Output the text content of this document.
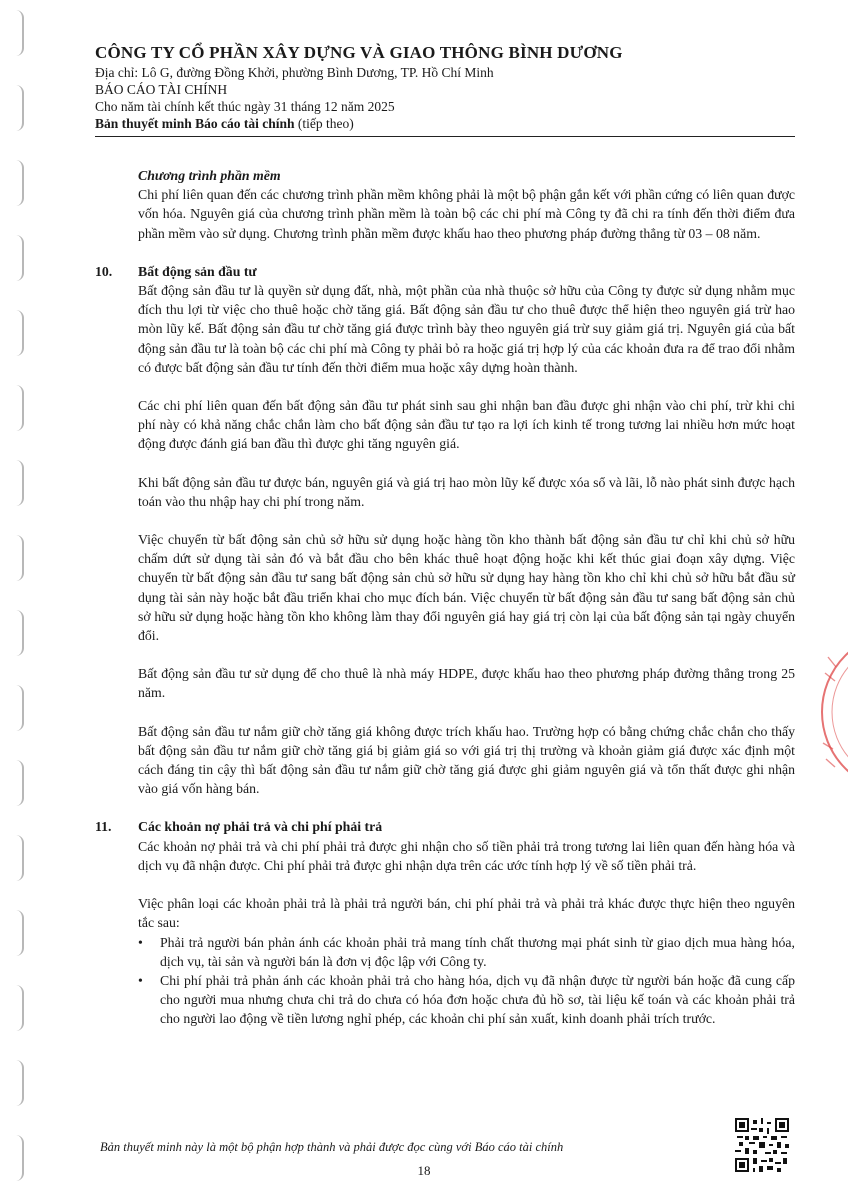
CÔNG TY CỔ PHẦN XÂY DỰNG VÀ GIAO THÔNG BÌNH DƯƠNG

Địa chỉ: Lô G, đường Đồng Khởi, phường Bình Dương, TP. Hồ Chí Minh

BÁO CÁO TÀI CHÍNH

Cho năm tài chính kết thúc ngày 31 tháng 12 năm 2025

Bản thuyết minh Báo cáo tài chính (tiếp theo)

Chương trình phần mềm

Chi phí liên quan đến các chương trình phần mềm không phải là một bộ phận gắn kết với phần cứng có liên quan được vốn hóa. Nguyên giá của chương trình phần mềm là toàn bộ các chi phí mà Công ty đã chi ra tính đến thời điểm đưa phần mềm vào sử dụng. Chương trình phần mềm được khấu hao theo phương pháp đường thẳng từ 03 – 08 năm.

10.	Bất động sản đầu tư

Bất động sản đầu tư là quyền sử dụng đất, nhà, một phần của nhà thuộc sở hữu của Công ty được sử dụng nhằm mục đích thu lợi từ việc cho thuê hoặc chờ tăng giá. Bất động sản đầu tư cho thuê được thể hiện theo nguyên giá trừ hao mòn lũy kế. Bất động sản đầu tư chờ tăng giá được trình bày theo nguyên giá trừ suy giảm giá trị. Nguyên giá của bất động sản đầu tư là toàn bộ các chi phí mà Công ty phải bỏ ra hoặc giá trị hợp lý của các khoản đưa ra để trao đổi nhằm có được bất động sản đầu tư tính đến thời điểm mua hoặc xây dựng hoàn thành.

Các chi phí liên quan đến bất động sản đầu tư phát sinh sau ghi nhận ban đầu được ghi nhận vào chi phí, trừ khi chi phí này có khả năng chắc chắn làm cho bất động sản đầu tư tạo ra lợi ích kinh tế trong tương lai nhiều hơn mức hoạt động được đánh giá ban đầu thì được ghi tăng nguyên giá.

Khi bất động sản đầu tư được bán, nguyên giá và giá trị hao mòn lũy kế được xóa sổ và lãi, lỗ nào phát sinh được hạch toán vào thu nhập hay chi phí trong năm.

Việc chuyển từ bất động sản chủ sở hữu sử dụng hoặc hàng tồn kho thành bất động sản đầu tư chỉ khi chủ sở hữu chấm dứt sử dụng tài sản đó và bắt đầu cho bên khác thuê hoạt động hoặc khi kết thúc giai đoạn xây dựng. Việc chuyển từ bất động sản đầu tư sang bất động sản chủ sở hữu sử dụng hay hàng tồn kho chỉ khi chủ sở hữu bắt đầu sử dụng tài sản này hoặc bắt đầu triển khai cho mục đích bán. Việc chuyển từ bất động sản đầu tư sang bất động sản chủ sở hữu sử dụng hoặc hàng tồn kho không làm thay đổi nguyên giá hay giá trị còn lại của bất động sản tại ngày chuyển đổi.

Bất động sản đầu tư sử dụng để cho thuê là nhà máy HDPE, được khấu hao theo phương pháp đường thẳng trong 25 năm.

Bất động sản đầu tư nắm giữ chờ tăng giá không được trích khấu hao. Trường hợp có bằng chứng chắc chắn cho thấy bất động sản đầu tư nắm giữ chờ tăng giá bị giảm giá so với giá trị thị trường và khoản giảm giá được xác định một cách đáng tin cậy thì bất động sản đầu tư nắm giữ chờ tăng giá được ghi giảm nguyên giá và tổn thất được ghi nhận vào giá vốn hàng bán.

11.	Các khoản nợ phải trả và chi phí phải trả

Các khoản nợ phải trả và chi phí phải trả được ghi nhận cho số tiền phải trả trong tương lai liên quan đến hàng hóa và dịch vụ đã nhận được. Chi phí phải trả được ghi nhận dựa trên các ước tính hợp lý về số tiền phải trả.

Việc phân loại các khoản phải trả là phải trả người bán, chi phí phải trả và phải trả khác được thực hiện theo nguyên tắc sau:

•	Phải trả người bán phản ánh các khoản phải trả mang tính chất thương mại phát sinh từ giao dịch mua hàng hóa, dịch vụ, tài sản và người bán là đơn vị độc lập với Công ty.
•	Chi phí phải trả phản ánh các khoản phải trả cho hàng hóa, dịch vụ đã nhận được từ người bán hoặc đã cung cấp cho người mua nhưng chưa chi trả do chưa có hóa đơn hoặc chưa đủ hồ sơ, tài liệu kế toán và các khoản phải trả cho người lao động về tiền lương nghỉ phép, các khoản chi phí sản xuất, kinh doanh phải trích trước.
Bản thuyết minh này là một bộ phận hợp thành và phải được đọc cùng với Báo cáo tài chính
18
